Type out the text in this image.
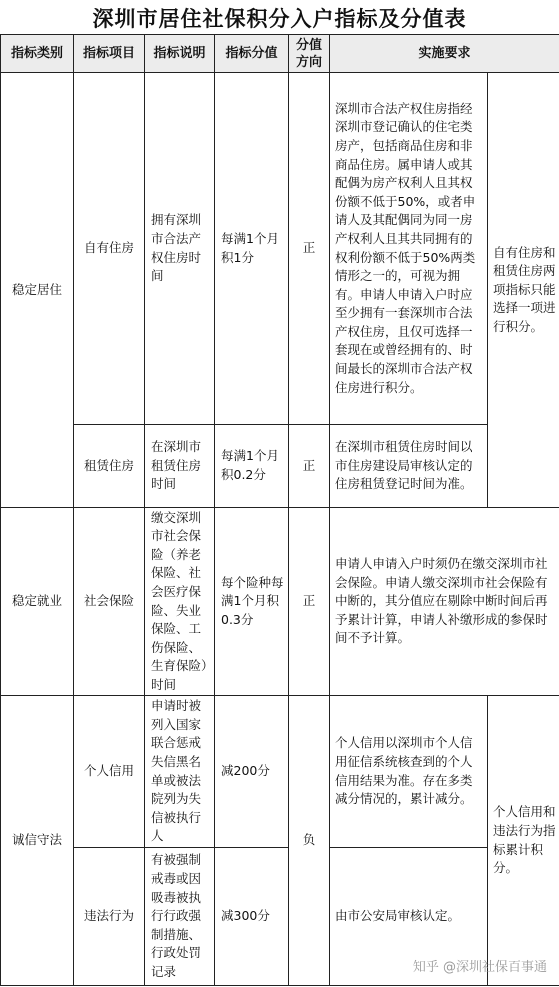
深圳市居住社保积分入户指标及分值表
指标类别	指标项目	指标说明	指标分值	分值方向	实施要求	
稳定居住	自有住房	拥有深圳市合法产权住房时间	每满1个月积1分	正	深圳市合法产权住房指经深圳市登记确认的住宅类房产，包括商品住房和非商品住房。属申请人或其配偶为房产权利人且其权份额不低于50%，或者申请人及其配偶同为同一房产权利人且其共同拥有的权利份额不低于50%两类情形之一的，可视为拥有。申请人申请入户时应至少拥有一套深圳市合法产权住房，且仅可选择一套现在或曾经拥有的、时间最长的深圳市合法产权住房进行积分。	自有住房和租赁住房两项指标只能选择一项进行积分。
	租赁住房	在深圳市租赁住房时间	每满1个月积0.2分	正	在深圳市租赁住房时间以市住房建设局审核认定的住房租赁登记时间为准。	
稳定就业	社会保险	缴交深圳市社会保险（养老保险、社会医疗保险、失业保险、工伤保险、生育保险）时间	每个险种每满1个月积0.3分	正	申请人申请入户时须仍在缴交深圳市社会保险。申请人缴交深圳市社会保险有中断的，其分值应在剔除中断时间后再予累计计算，申请人补缴形成的参保时间不予计算。	
诚信守法	个人信用	申请时被列入国家联合惩戒失信黑名单或被法院列为失信被执行人	减200分	负	个人信用以深圳市个人信用征信系统核查到的个人信用结果为准。存在多类减分情况的，累计减分。	个人信用和违法行为指标累计积分。
	违法行为	有被强制戒毒或因吸毒被执行行政强制措施、行政处罚记录	减300分		由市公安局审核认定。	
知乎 @深圳社保百事通
